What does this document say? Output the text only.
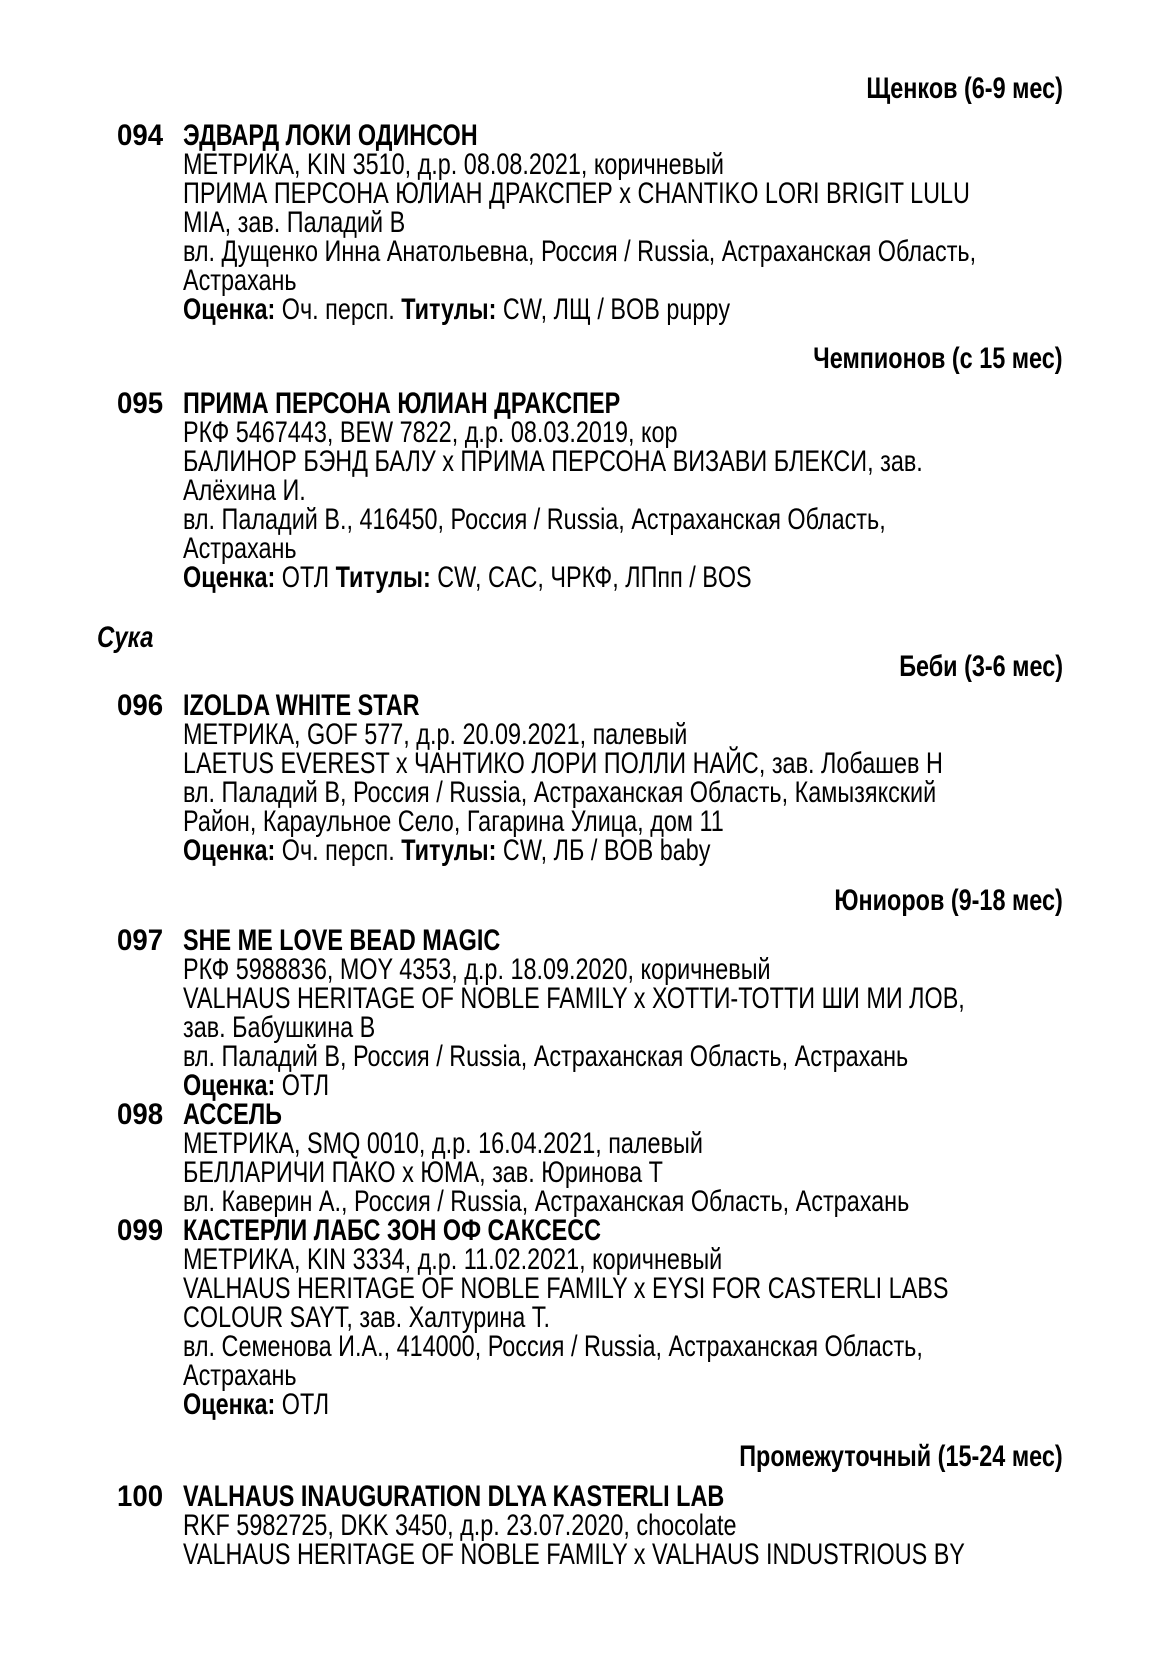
Щенков (6-9 мес)
094 ЭДВАРД ЛОКИ ОДИНСОН
МЕТРИКА, KIN 3510, д.р. 08.08.2021, коричневый
ПРИМА ПЕРСОНА ЮЛИАН ДРАКСПЕР x CHANTIKO LORI BRIGIT LULU
MIA, зав. Паладий В
вл. Дущенко Инна Анатольевна, Россия / Russia, Астраханская Область,
Астрахань
Оценка: Оч. персп. Титулы: CW, ЛЩ / BOB puppy
Чемпионов (с 15 мес)
095 ПРИМА ПЕРСОНА ЮЛИАН ДРАКСПЕР
РКФ 5467443, BEW 7822, д.р. 08.03.2019, кор
БАЛИНОР БЭНД БАЛУ x ПРИМА ПЕРСОНА ВИЗАВИ БЛЕКСИ, зав.
Алёхина И.
вл. Паладий В., 416450, Россия / Russia, Астраханская Область,
Астрахань
Оценка: ОТЛ Титулы: CW, CAC, ЧРКФ, ЛПпп / BOS
Сука
Беби (3-6 мес)
096 IZOLDA WHITE STAR
МЕТРИКА, GOF 577, д.р. 20.09.2021, палевый
LAETUS EVEREST x ЧАНТИКО ЛОРИ ПОЛЛИ НАЙС, зав. Лобашев Н
вл. Паладий В, Россия / Russia, Астраханская Область, Камызякский
Район, Караульное Село, Гагарина Улица, дом 11
Оценка: Оч. персп. Титулы: CW, ЛБ / BOB baby
Юниоров (9-18 мес)
097 SHE ME LOVE BEAD MAGIC
РКФ 5988836, MOY 4353, д.р. 18.09.2020, коричневый
VALHAUS HERITAGE OF NOBLE FAMILY x ХОТТИ-ТОТТИ ШИ МИ ЛОВ,
зав. Бабушкина В
вл. Паладий В, Россия / Russia, Астраханская Область, Астрахань
Оценка: ОТЛ
098 АССЕЛЬ
МЕТРИКА, SMQ 0010, д.р. 16.04.2021, палевый
БЕЛЛАРИЧИ ПАКО x ЮМА, зав. Юринова Т
вл. Каверин А., Россия / Russia, Астраханская Область, Астрахань
099 КАСТЕРЛИ ЛАБС ЗОН ОФ САКСЕСС
МЕТРИКА, KIN 3334, д.р. 11.02.2021, коричневый
VALHAUS HERITAGE OF NOBLE FAMILY x EYSI FOR CASTERLI LABS
COLOUR SAYT, зав. Халтурина Т.
вл. Семенова И.А., 414000, Россия / Russia, Астраханская Область,
Астрахань
Оценка: ОТЛ
Промежуточный (15-24 мес)
100 VALHAUS INAUGURATION DLYA KASTERLI LAB
RKF 5982725, DKK 3450, д.р. 23.07.2020, chocolate
VALHAUS HERITAGE OF NOBLE FAMILY x VALHAUS INDUSTRIOUS BY
